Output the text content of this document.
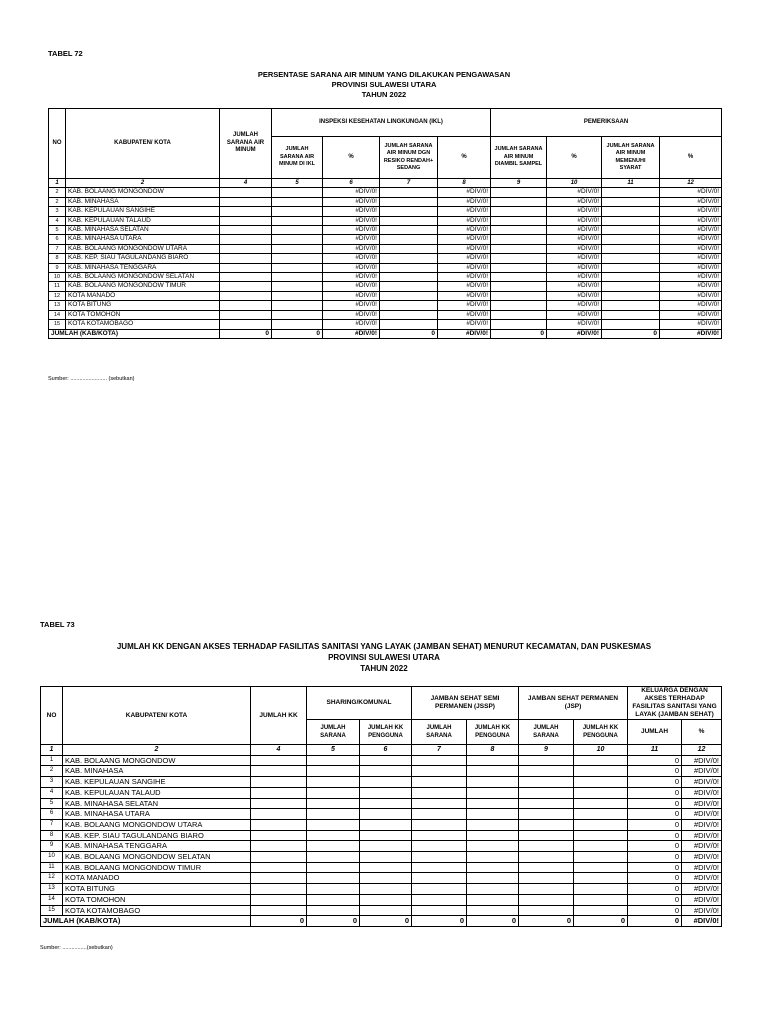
TABEL 72
PERSENTASE SARANA AIR MINUM YANG DILAKUKAN PENGAWASAN
PROVINSI SULAWESI UTARA
TAHUN 2022
NO	KABUPATEN/ KOTA	JUMLAH SARANA AIR MINUM	INSPEKSI KESEHATAN LINGKUNGAN (IKL)				PEMERIKSAAN			
			JUMLAH SARANA AIR MINUM DI IKL	%	JUMLAH SARANA AIR MINUM DGN RESIKO RENDAH+ SEDANG	%	JUMLAH SARANA AIR MINUM DIAMBIL SAMPEL	%	JUMLAH SARANA AIR MINUM MEMENUHI SYARAT	%
1	2	4	5	6	7	8	9	10	11	12
2	KAB. BOLAANG MONGONDOW			#DIV/0!		#DIV/0!		#DIV/0!		#DIV/0!
2	KAB. MINAHASA			#DIV/0!		#DIV/0!		#DIV/0!		#DIV/0!
3	KAB. KEPULAUAN SANGIHE			#DIV/0!		#DIV/0!		#DIV/0!		#DIV/0!
4	KAB. KEPULAUAN TALAUD			#DIV/0!		#DIV/0!		#DIV/0!		#DIV/0!
5	KAB. MINAHASA SELATAN			#DIV/0!		#DIV/0!		#DIV/0!		#DIV/0!
6	KAB. MINAHASA UTARA			#DIV/0!		#DIV/0!		#DIV/0!		#DIV/0!
7	KAB. BOLAANG MONGONDOW UTARA			#DIV/0!		#DIV/0!		#DIV/0!		#DIV/0!
8	KAB. KEP. SIAU TAGULANDANG BIARO			#DIV/0!		#DIV/0!		#DIV/0!		#DIV/0!
9	KAB. MINAHASA TENGGARA			#DIV/0!		#DIV/0!		#DIV/0!		#DIV/0!
10	KAB. BOLAANG MONGONDOW SELATAN			#DIV/0!		#DIV/0!		#DIV/0!		#DIV/0!
11	KAB. BOLAANG MONGONDOW TIMUR			#DIV/0!		#DIV/0!		#DIV/0!		#DIV/0!
12	KOTA MANADO			#DIV/0!		#DIV/0!		#DIV/0!		#DIV/0!
13	KOTA BITUNG			#DIV/0!		#DIV/0!		#DIV/0!		#DIV/0!
14	KOTA TOMOHON			#DIV/0!		#DIV/0!		#DIV/0!		#DIV/0!
15	KOTA KOTAMOBAGO			#DIV/0!		#DIV/0!		#DIV/0!		#DIV/0!
JUMLAH (KAB/KOTA)		0	0	#DIV/0!	0	#DIV/0!	0	#DIV/0!	0	#DIV/0!
Sumber: ........................ (sebutkan)
TABEL 73
JUMLAH KK DENGAN AKSES TERHADAP FASILITAS SANITASI YANG LAYAK (JAMBAN SEHAT) MENURUT KECAMATAN, DAN PUSKESMAS
PROVINSI SULAWESI UTARA
TAHUN 2022
NO	KABUPATEN/ KOTA	JUMLAH KK	SHARING/KOMUNAL		JAMBAN SEHAT SEMI PERMANEN (JSSP)		JAMBAN SEHAT PERMANEN (JSP)		KELUARGA DENGAN AKSES TERHADAP FASILITAS SANITASI YANG LAYAK (JAMBAN SEHAT)	
			JUMLAH SARANA	JUMLAH KK PENGGUNA	JUMLAH SARANA	JUMLAH KK PENGGUNA	JUMLAH SARANA	JUMLAH KK PENGGUNA	JUMLAH	%
1	2	4	5	6	7	8	9	10	11	12
1	KAB. BOLAANG MONGONDOW								0	#DIV/0!
2	KAB. MINAHASA								0	#DIV/0!
3	KAB. KEPULAUAN SANGIHE								0	#DIV/0!
4	KAB. KEPULAUAN TALAUD								0	#DIV/0!
5	KAB. MINAHASA SELATAN								0	#DIV/0!
6	KAB. MINAHASA UTARA								0	#DIV/0!
7	KAB. BOLAANG MONGONDOW UTARA								0	#DIV/0!
8	KAB. KEP. SIAU TAGULANDANG BIARO								0	#DIV/0!
9	KAB. MINAHASA TENGGARA								0	#DIV/0!
10	KAB. BOLAANG MONGONDOW SELATAN								0	#DIV/0!
11	KAB. BOLAANG MONGONDOW TIMUR								0	#DIV/0!
12	KOTA MANADO								0	#DIV/0!
13	KOTA BITUNG								0	#DIV/0!
14	KOTA TOMOHON								0	#DIV/0!
15	KOTA KOTAMOBAGO								0	#DIV/0!
JUMLAH (KAB/KOTA)		0	0	0	0	0	0	0	0	#DIV/0!
Sumber: ................(sebutkan)
